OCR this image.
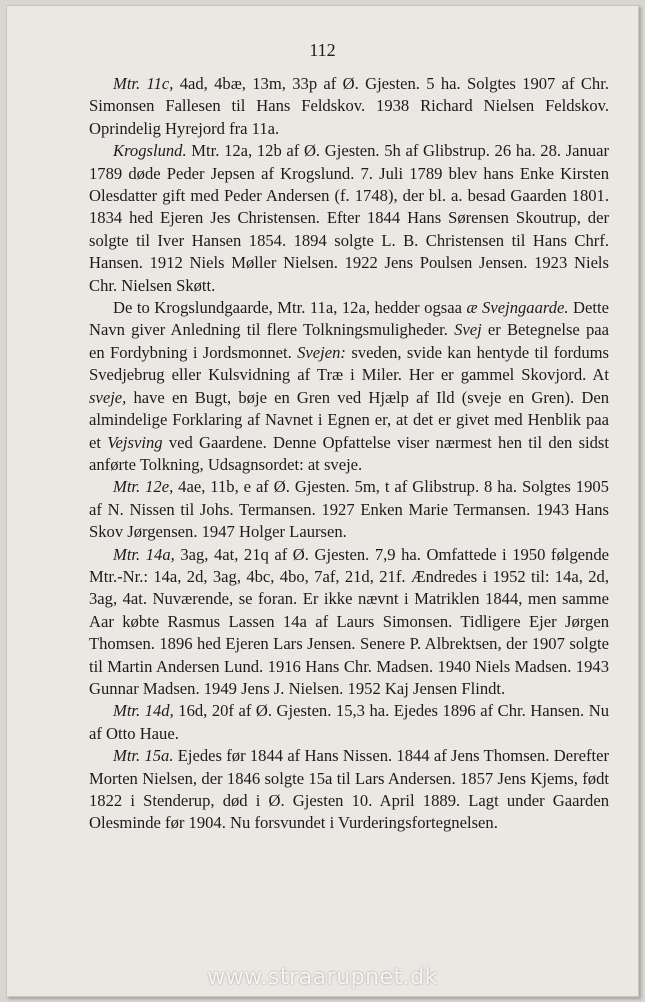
112

Mtr. 11c, 4ad, 4bæ, 13m, 33p af Ø. Gjesten. 5 ha. Solgtes 1907 af Chr. Simonsen Fallesen til Hans Feldskov. 1938 Richard Nielsen Feldskov. Oprindelig Hyrejord fra 11a.

Krogslund. Mtr. 12a, 12b af Ø. Gjesten. 5h af Glibstrup. 26 ha. 28. Januar 1789 døde Peder Jepsen af Krogslund. 7. Juli 1789 blev hans Enke Kirsten Olesdatter gift med Peder Andersen (f. 1748), der bl. a. besad Gaarden 1801. 1834 hed Ejeren Jes Christensen. Efter 1844 Hans Sørensen Skoutrup, der solgte til Iver Hansen 1854. 1894 solgte L. B. Christensen til Hans Chrf. Hansen. 1912 Niels Møller Nielsen. 1922 Jens Poulsen Jensen. 1923 Niels Chr. Nielsen Skøtt.

De to Krogslundgaarde, Mtr. 11a, 12a, hedder ogsaa æ Svejngaarde. Dette Navn giver Anledning til flere Tolkningsmuligheder. Svej er Betegnelse paa en Fordybning i Jordsmonnet. Svejen: sveden, svide kan hentyde til fordums Svedjebrug eller Kulsvidning af Træ i Miler. Her er gammel Skovjord. At sveje, have en Bugt, bøje en Gren ved Hjælp af Ild (sveje en Gren). Den almindelige Forklaring af Navnet i Egnen er, at det er givet med Henblik paa et Vejsving ved Gaardene. Denne Opfattelse viser nærmest hen til den sidst anførte Tolkning, Udsagnsordet: at sveje.

Mtr. 12e, 4ae, 11b, e af Ø. Gjesten. 5m, t af Glibstrup. 8 ha. Solgtes 1905 af N. Nissen til Johs. Termansen. 1927 Enken Marie Termansen. 1943 Hans Skov Jørgensen. 1947 Holger Laursen.

Mtr. 14a, 3ag, 4at, 21q af Ø. Gjesten. 7,9 ha. Omfattede i 1950 følgende Mtr.-Nr.: 14a, 2d, 3ag, 4bc, 4bo, 7af, 21d, 21f. Ændredes i 1952 til: 14a, 2d, 3ag, 4at. Nuværende, se foran. Er ikke nævnt i Matriklen 1844, men samme Aar købte Rasmus Lassen 14a af Laurs Simonsen. Tidligere Ejer Jørgen Thomsen. 1896 hed Ejeren Lars Jensen. Senere P. Albrektsen, der 1907 solgte til Martin Andersen Lund. 1916 Hans Chr. Madsen. 1940 Niels Madsen. 1943 Gunnar Madsen. 1949 Jens J. Nielsen. 1952 Kaj Jensen Flindt.

Mtr. 14d, 16d, 20f af Ø. Gjesten. 15,3 ha. Ejedes 1896 af Chr. Hansen. Nu af Otto Haue.

Mtr. 15a. Ejedes før 1844 af Hans Nissen. 1844 af Jens Thomsen. Derefter Morten Nielsen, der 1846 solgte 15a til Lars Andersen. 1857 Jens Kjems, født 1822 i Stenderup, død i Ø. Gjesten 10. April 1889. Lagt under Gaarden Olesminde før 1904. Nu forsvundet i Vurderingsfortegnelsen.

www.straarupnet.dk
